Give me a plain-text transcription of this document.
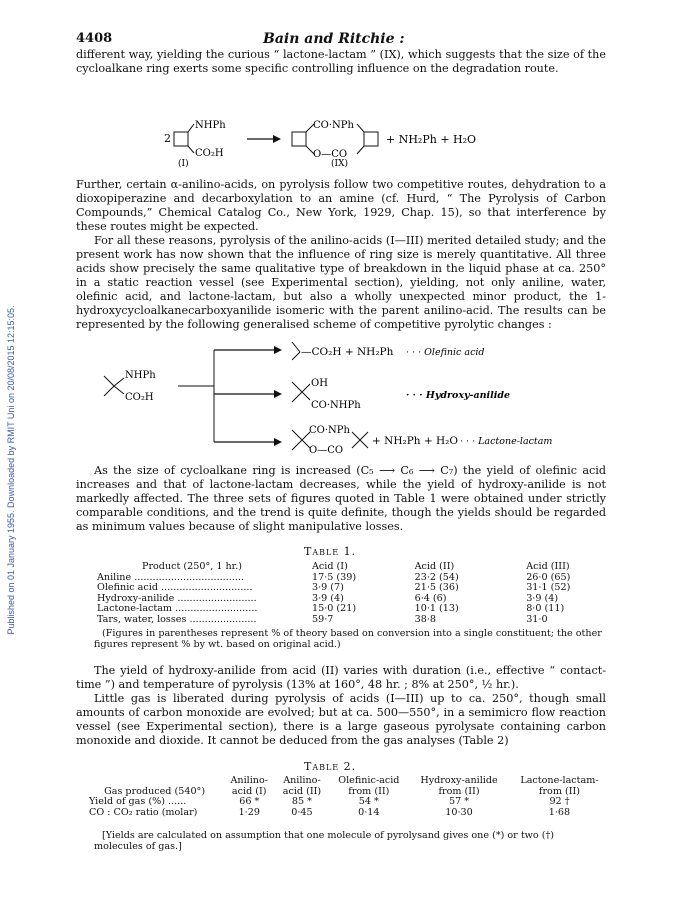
Published on 01 January 1955. Downloaded by RMIT Uni on 20/08/2015 12:15:05.
4408	Bain and Ritchie :
different way, yielding the curious “ lactone-lactam ” (IX), which suggests that the size of the cycloalkane ring exerts some specific controlling influence on the degradation route.
2
NHPh
CO₂H
(I)
CO·NPh
O—CO
(IX)
+ NH₂Ph + H₂O
Further, certain α-anilino-acids, on pyrolysis follow two competitive routes, dehydration to a dioxopiperazine and decarboxylation to an amine (cf. Hurd, “ The Pyrolysis of Carbon Compounds,” Chemical Catalog Co., New York, 1929, Chap. 15), so that interference by these routes might be expected.
For all these reasons, pyrolysis of the anilino-acids (I—III) merited detailed study; and the present work has now shown that the influence of ring size is merely quantitative. All three acids show precisely the same qualitative type of breakdown in the liquid phase at ca. 250° in a static reaction vessel (see Experimental section), yielding, not only aniline, water, olefinic acid, and lactone-lactam, but also a wholly unexpected minor product, the 1-hydroxycycloalkanecarboxyanilide isomeric with the parent anilino-acid. The results can be represented by the following generalised scheme of competitive pyrolytic changes :
NHPh
CO₂H
—CO₂H + NH₂Ph · · · Olefinic acid
OH
CO·NHPh
· · · Hydroxy-anilide
CO·NPh
O—CO
+ NH₂Ph + H₂O · · · Lactone-lactam
As the size of cycloalkane ring is increased (C₅ ⟶ C₆ ⟶ C₇) the yield of olefinic acid increases and that of lactone-lactam decreases, while the yield of hydroxy-anilide is not markedly affected. The three sets of figures quoted in Table 1 were obtained under strictly comparable conditions, and the trend is quite definite, though the yields should be regarded as minimum values because of slight manipulative losses.
Table 1.
Product (250°, 1 hr.)	Acid (I)	Acid (II)	Acid (III)
Aniline ....................................	17·5 (39)	23·2 (54)	26·0 (65)
Olefinic acid ..............................	3·9 (7)	21·5 (36)	31·1 (52)
Hydroxy-anilide ..........................	3·9 (4)	6·4 (6)	3·9 (4)
Lactone-lactam ...........................	15·0 (21)	10·1 (13)	8·0 (11)
Tars, water, losses ......................	59·7	38·8	31·0
(Figures in parentheses represent % of theory based on conversion into a single constituent; the other figures represent % by wt. based on original acid.)
The yield of hydroxy-anilide from acid (II) varies with duration (i.e., effective “ contact-time ”) and temperature of pyrolysis (13% at 160°, 48 hr. ; 8% at 250°, ½ hr.).
Little gas is liberated during pyrolysis of acids (I—III) up to ca. 250°, though small amounts of carbon monoxide are evolved; but at ca. 500—550°, in a semimicro flow reaction vessel (see Experimental section), there is a large gaseous pyrolysate containing carbon monoxide and dioxide. It cannot be deduced from the gas analyses (Table 2)
Table 2.
	Anilino-	Anilino-	Olefinic-acid	Hydroxy-anilide	Lactone-lactam-
Gas produced (540°)	acid (I)	acid (II)	from (II)	from (II)	from (II)
Yield of gas (%) ......	66 *	85 *	54 *	57 *	92 †
CO : CO₂ ratio (molar)	1·29	0·45	0·14	10·30	1·68
[Yields are calculated on assumption that one molecule of pyrolysand gives one (*) or two (†) molecules of gas.]
